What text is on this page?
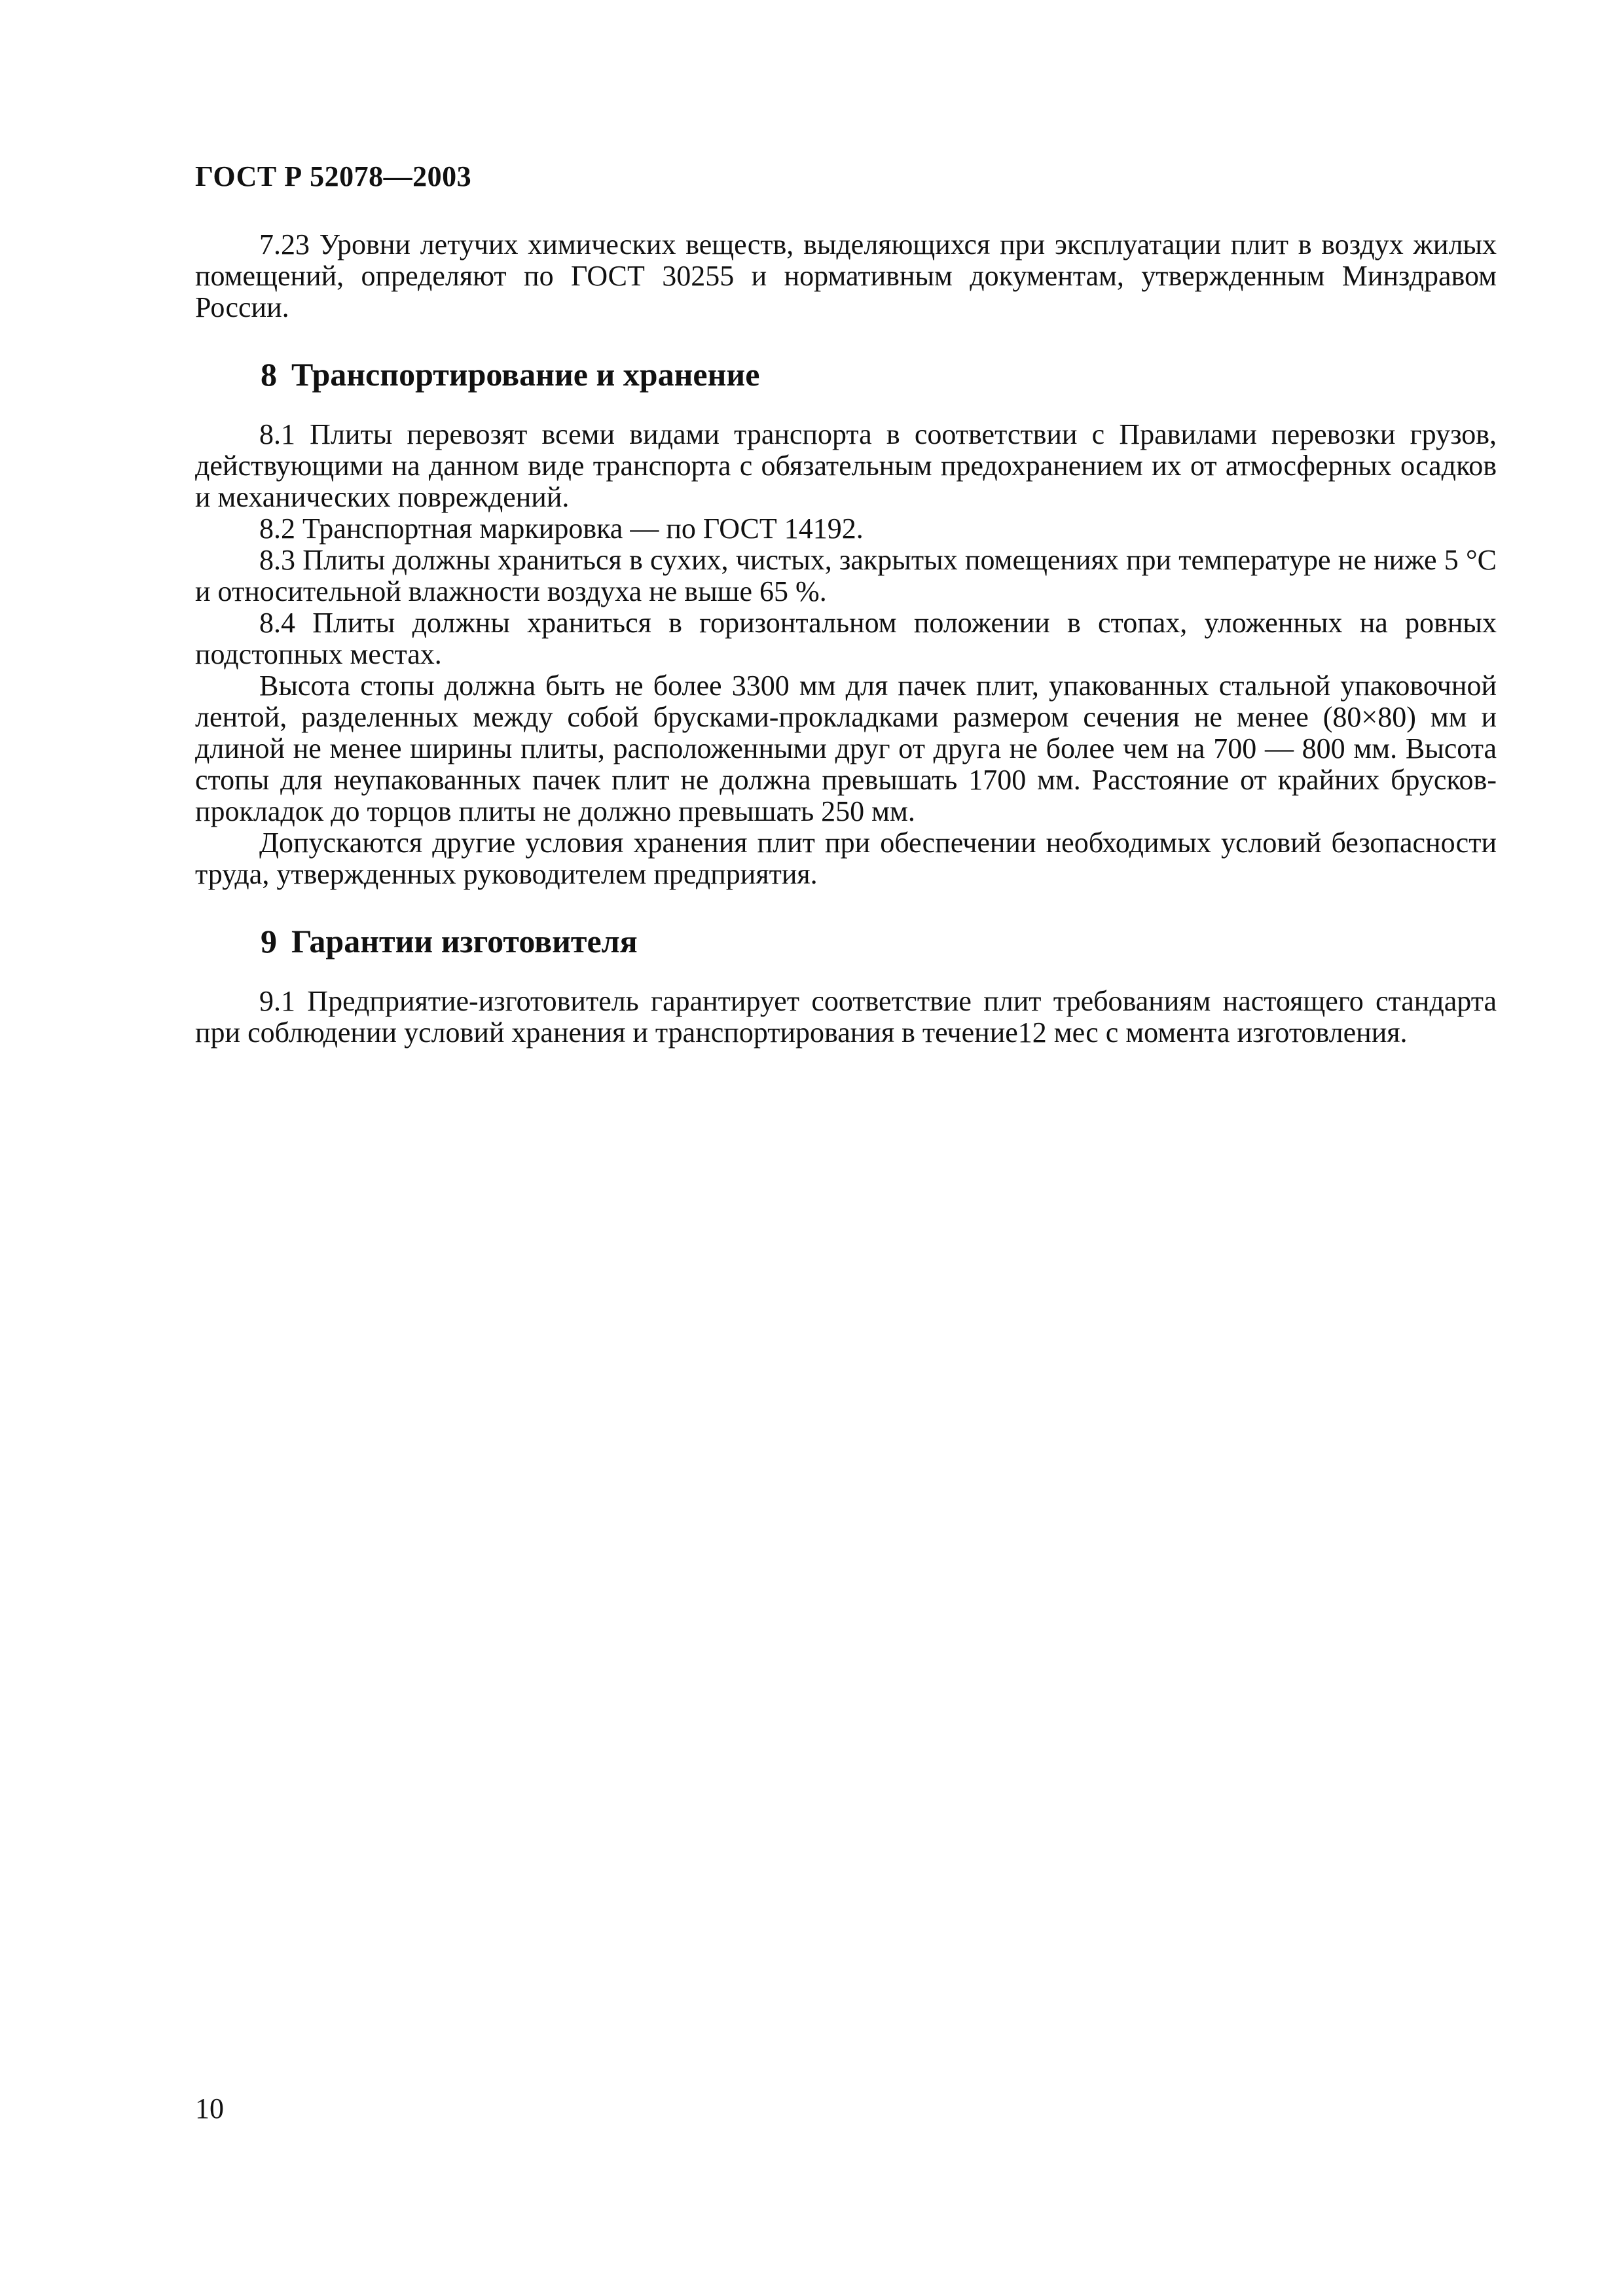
ГОСТ Р 52078—2003

7.23 Уровни летучих химических веществ, выделяющихся при эксплуатации плит в воздух жилых помещений, определяют по ГОСТ 30255 и нормативным документам, утвержденным Минздравом России.

8 Транспортирование и хранение

8.1 Плиты перевозят всеми видами транспорта в соответствии с Правилами перевозки грузов, действующими на данном виде транспорта с обязательным предохранением их от атмосферных осадков и механических повреждений.

8.2 Транспортная маркировка — по ГОСТ 14192.

8.3 Плиты должны храниться в сухих, чистых, закрытых помещениях при температуре не ниже 5 °С и относительной влажности воздуха не выше 65 %.

8.4 Плиты должны храниться в горизонтальном положении в стопах, уложенных на ровных подстопных местах.

Высота стопы должна быть не более 3300 мм для пачек плит, упакованных стальной упаковочной лентой, разделенных между собой брусками-прокладками размером сечения не менее (80×80) мм и длиной не менее ширины плиты, расположенными друг от друга не более чем на 700 — 800 мм. Высота стопы для неупакованных пачек плит не должна превышать 1700 мм. Расстояние от крайних брусков-прокладок до торцов плиты не должно превышать 250 мм.

Допускаются другие условия хранения плит при обеспечении необходимых условий безопасности труда, утвержденных руководителем предприятия.

9 Гарантии изготовителя

9.1 Предприятие-изготовитель гарантирует соответствие плит требованиям настоящего стандарта при соблюдении условий хранения и транспортирования в течение12 мес с момента изготовления.

10
